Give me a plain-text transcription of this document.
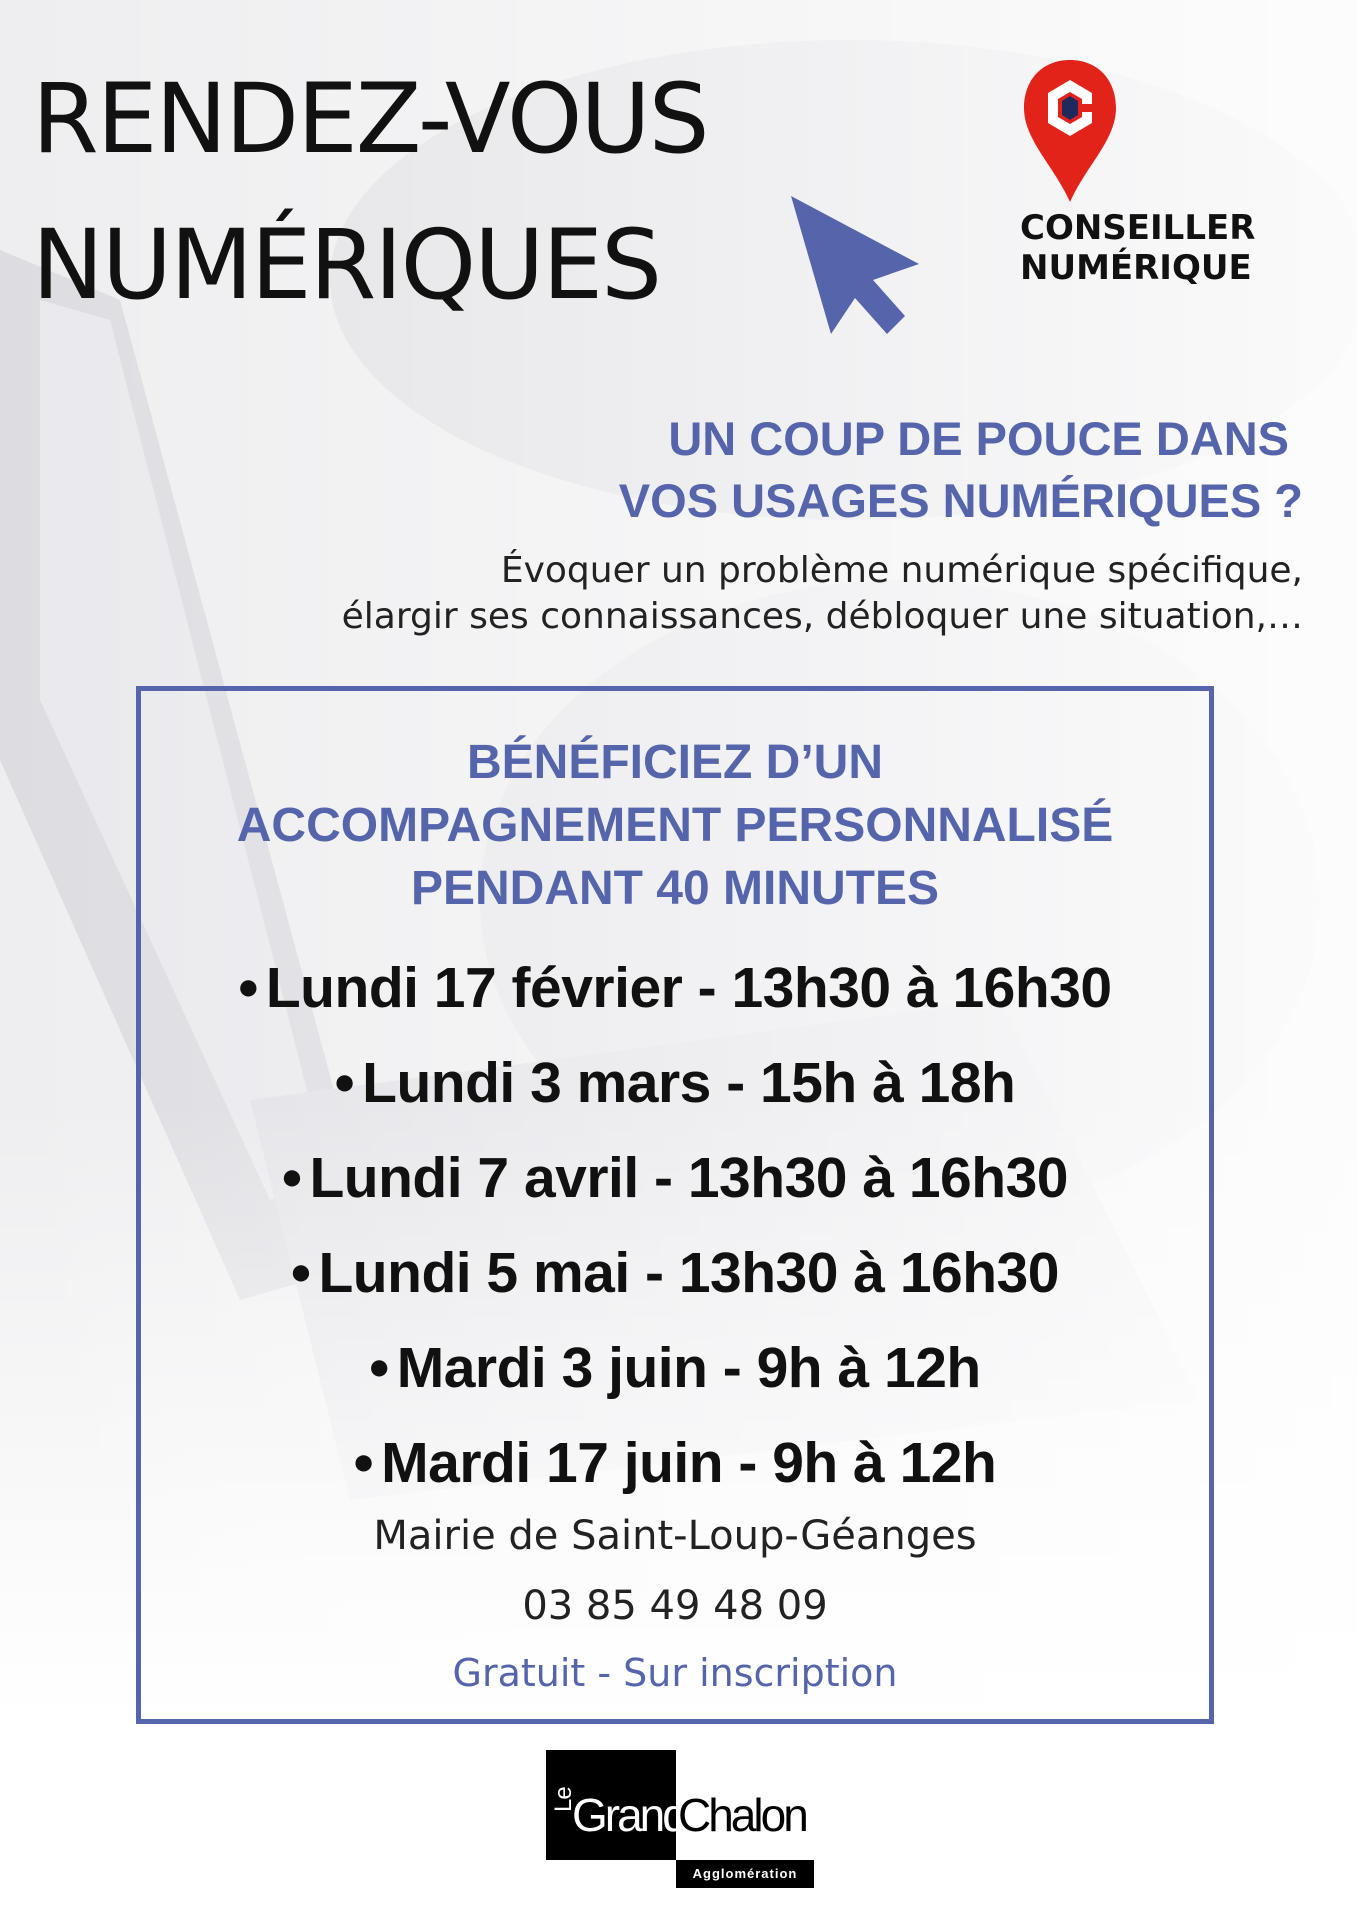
RENDEZ-VOUS
NUMÉRIQUES	CONSEILLER
NUMÉRIQUE
UN COUP DE POUCE DANS
VOS USAGES NUMÉRIQUES ?
Évoquer un problème numérique spécifique,
élargir ses connaissances, débloquer une situation,…
BÉNÉFICIEZ D’UN
ACCOMPAGNEMENT PERSONNALISÉ
PENDANT 40 MINUTES
• Lundi 17 février - 13h30 à 16h30
• Lundi 3 mars - 15h à 18h
• Lundi 7 avril - 13h30 à 16h30
• Lundi 5 mai - 13h30 à 16h30
• Mardi 3 juin - 9h à 12h
• Mardi 17 juin - 9h à 12h
Mairie de Saint-Loup-Géanges
03 85 49 48 09
Gratuit - Sur inscription
Le
Grand
Chalon
Agglomération
